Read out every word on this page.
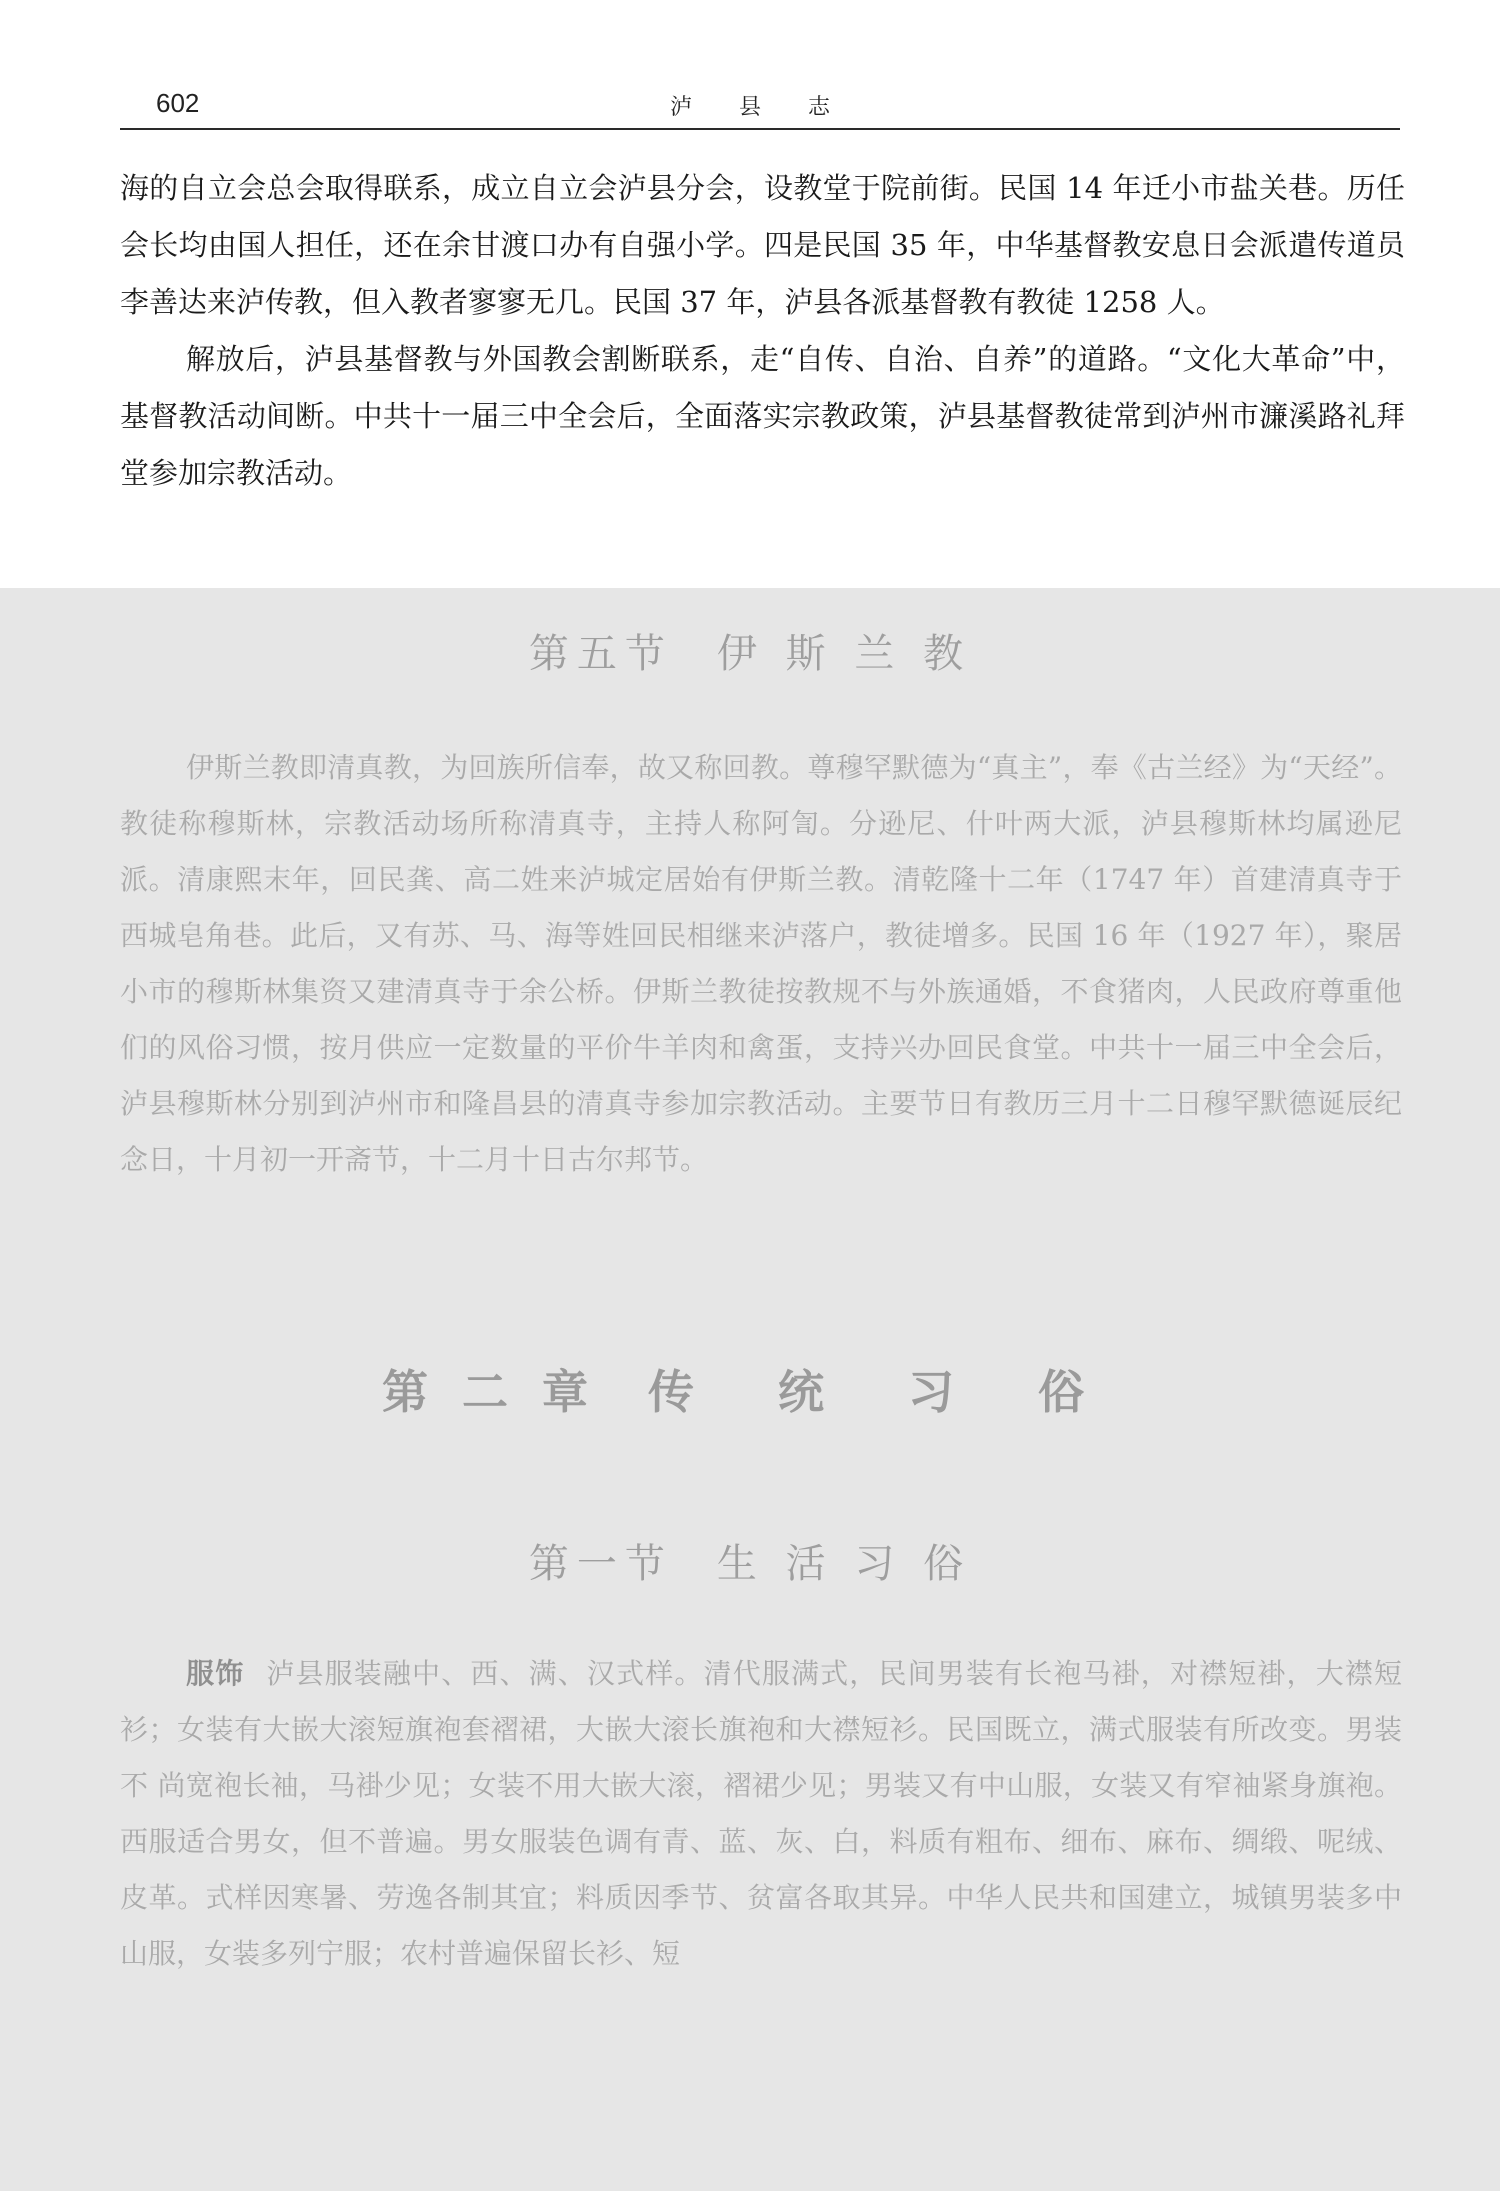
602	泸 县 志

海的自立会总会取得联系，成立自立会泸县分会，设教堂于院前街。民国 14 年迁小市盐关巷。历任会长均由国人担任，还在余甘渡口办有自强小学。四是民国 35 年，中华基督教安息日会派遣传道员李善达来泸传教，但入教者寥寥无几。民国 37 年，泸县各派基督教有教徒 1258 人。

解放后，泸县基督教与外国教会割断联系，走“自传、自治、自养”的道路。“文化大革命”中，基督教活动间断。中共十一届三中全会后，全面落实宗教政策，泸县基督教徒常到泸州市濂溪路礼拜堂参加宗教活动。

第五节 伊 斯 兰 教

伊斯兰教即清真教，为回族所信奉，故又称回教。尊穆罕默德为“真主”，奉《古兰经》为“天经”。教徒称穆斯林，宗教活动场所称清真寺，主持人称阿訇。分逊尼、什叶两大派，泸县穆斯林均属逊尼派。清康熙末年，回民龚、高二姓来泸城定居始有伊斯兰教。清乾隆十二年（1747 年）首建清真寺于西城皂角巷。此后，又有苏、马、海等姓回民相继来泸落户，教徒增多。民国 16 年（1927 年），聚居小市的穆斯林集资又建清真寺于余公桥。伊斯兰教徒按教规不与外族通婚，不食猪肉，人民政府尊重他们的风俗习惯，按月供应一定数量的平价牛羊肉和禽蛋，支持兴办回民食堂。中共十一届三中全会后，泸县穆斯林分别到泸州市和隆昌县的清真寺参加宗教活动。主要节日有教历三月十二日穆罕默德诞辰纪念日，十月初一开斋节，十二月十日古尔邦节。

第二章 传 统 习 俗
第一节 生 活 习 俗

服饰 泸县服装融中、西、满、汉式样。清代服满式，民间男装有长袍马褂，对襟短褂，大襟短衫；女装有大嵌大滚短旗袍套褶裙，大嵌大滚长旗袍和大襟短衫。民国既立，满式服装有所改变。男装不 尚宽袍长袖，马褂少见；女装不用大嵌大滚，褶裙少见；男装又有中山服，女装又有窄袖紧身旗袍。西服适合男女，但不普遍。男女服装色调有青、蓝、灰、白，料质有粗布、细布、麻布、绸缎、呢绒、皮革。式样因寒暑、劳逸各制其宜；料质因季节、贫富各取其异。中华人民共和国建立，城镇男装多中山服，女装多列宁服；农村普遍保留长衫、短
